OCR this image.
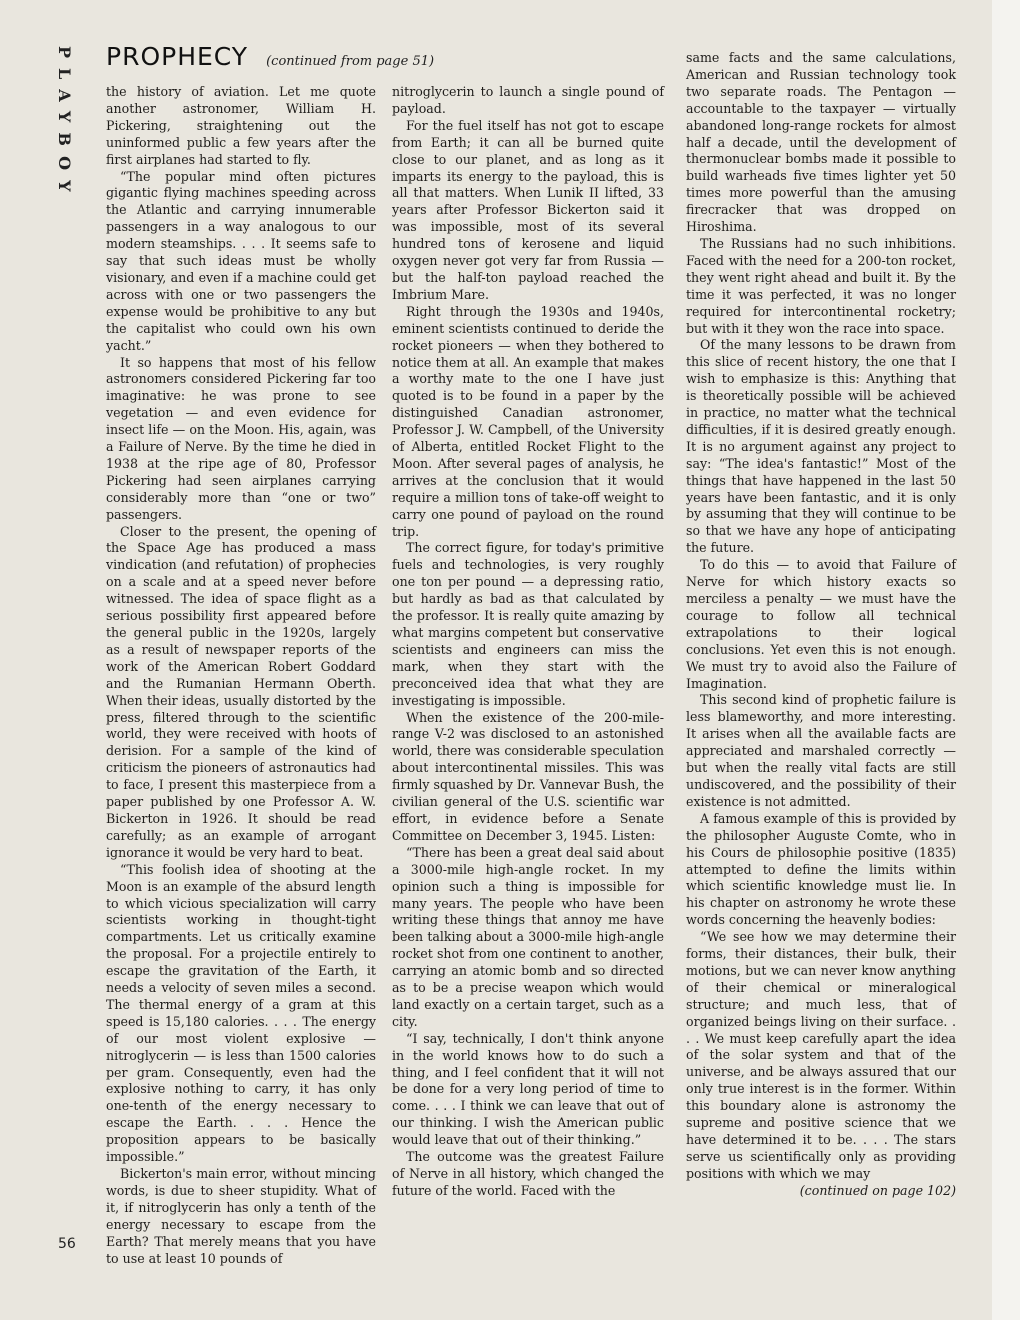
PLAYBOY PROPHECY (continued from page 51)

the history of aviation. Let me quote another astronomer, William H. Pickering, straightening out the uninformed public a few years after the first airplanes had started to fly.

“The popular mind often pictures gigantic flying machines speeding across the Atlantic and carrying innumerable passengers in a way analogous to our modern steamships. . . . It seems safe to say that such ideas must be wholly visionary, and even if a machine could get across with one or two passengers the expense would be prohibitive to any but the capitalist who could own his own yacht.”

It so happens that most of his fellow astronomers considered Pickering far too imaginative: he was prone to see vegetation — and even evidence for insect life — on the Moon. His, again, was a Failure of Nerve. By the time he died in 1938 at the ripe age of 80, Professor Pickering had seen airplanes carrying considerably more than “one or two” passengers.

Closer to the present, the opening of the Space Age has produced a mass vindication (and refutation) of prophecies on a scale and at a speed never before witnessed. The idea of space flight as a serious possibility first appeared before the general public in the 1920s, largely as a result of newspaper reports of the work of the American Robert Goddard and the Rumanian Hermann Oberth. When their ideas, usually distorted by the press, filtered through to the scientific world, they were received with hoots of derision. For a sample of the kind of criticism the pioneers of astronautics had to face, I present this masterpiece from a paper published by one Professor A. W. Bickerton in 1926. It should be read carefully; as an example of arrogant ignorance it would be very hard to beat.

“This foolish idea of shooting at the Moon is an example of the absurd length to which vicious specialization will carry scientists working in thought-tight compartments. Let us critically examine the proposal. For a projectile entirely to escape the gravitation of the Earth, it needs a velocity of seven miles a second. The thermal energy of a gram at this speed is 15,180 calories. . . . The energy of our most violent explosive — nitroglycerin — is less than 1500 calories per gram. Consequently, even had the explosive nothing to carry, it has only one-tenth of the energy necessary to escape the Earth. . . . Hence the proposition appears to be basically impossible.”

Bickerton's main error, without mincing words, is due to sheer stupidity. What of it, if nitroglycerin has only a tenth of the energy necessary to escape from the Earth? That merely means that you have to use at least 10 pounds of

nitroglycerin to launch a single pound of payload.

For the fuel itself has not got to escape from Earth; it can all be burned quite close to our planet, and as long as it imparts its energy to the payload, this is all that matters. When Lunik II lifted, 33 years after Professor Bickerton said it was impossible, most of its several hundred tons of kerosene and liquid oxygen never got very far from Russia — but the half-ton payload reached the Imbrium Mare.

Right through the 1930s and 1940s, eminent scientists continued to deride the rocket pioneers — when they bothered to notice them at all. An example that makes a worthy mate to the one I have just quoted is to be found in a paper by the distinguished Canadian astronomer, Professor J. W. Campbell, of the University of Alberta, entitled Rocket Flight to the Moon. After several pages of analysis, he arrives at the conclusion that it would require a million tons of take-off weight to carry one pound of payload on the round trip.

The correct figure, for today's primitive fuels and technologies, is very roughly one ton per pound — a depressing ratio, but hardly as bad as that calculated by the professor. It is really quite amazing by what margins competent but conservative scientists and engineers can miss the mark, when they start with the preconceived idea that what they are investigating is impossible.

When the existence of the 200-mile-range V-2 was disclosed to an astonished world, there was considerable speculation about intercontinental missiles. This was firmly squashed by Dr. Vannevar Bush, the civilian general of the U.S. scientific war effort, in evidence before a Senate Committee on December 3, 1945. Listen:

“There has been a great deal said about a 3000-mile high-angle rocket. In my opinion such a thing is impossible for many years. The people who have been writing these things that annoy me have been talking about a 3000-mile high-angle rocket shot from one continent to another, carrying an atomic bomb and so directed as to be a precise weapon which would land exactly on a certain target, such as a city.

“I say, technically, I don't think anyone in the world knows how to do such a thing, and I feel confident that it will not be done for a very long period of time to come. . . . I think we can leave that out of our thinking. I wish the American public would leave that out of their thinking.”

The outcome was the greatest Failure of Nerve in all history, which changed the future of the world. Faced with the

same facts and the same calculations, American and Russian technology took two separate roads. The Pentagon — accountable to the taxpayer — virtually abandoned long-range rockets for almost half a decade, until the development of thermonuclear bombs made it possible to build warheads five times lighter yet 50 times more powerful than the amusing firecracker that was dropped on Hiroshima.

The Russians had no such inhibitions. Faced with the need for a 200-ton rocket, they went right ahead and built it. By the time it was perfected, it was no longer required for intercontinental rocketry; but with it they won the race into space.

Of the many lessons to be drawn from this slice of recent history, the one that I wish to emphasize is this: Anything that is theoretically possible will be achieved in practice, no matter what the technical difficulties, if it is desired greatly enough. It is no argument against any project to say: “The idea's fantastic!” Most of the things that have happened in the last 50 years have been fantastic, and it is only by assuming that they will continue to be so that we have any hope of anticipating the future.

To do this — to avoid that Failure of Nerve for which history exacts so merciless a penalty — we must have the courage to follow all technical extrapolations to their logical conclusions. Yet even this is not enough. We must try to avoid also the Failure of Imagination.

This second kind of prophetic failure is less blameworthy, and more interesting. It arises when all the available facts are appreciated and marshaled correctly — but when the really vital facts are still undiscovered, and the possibility of their existence is not admitted.

A famous example of this is provided by the philosopher Auguste Comte, who in his Cours de philosophie positive (1835) attempted to define the limits within which scientific knowledge must lie. In his chapter on astronomy he wrote these words concerning the heavenly bodies:

“We see how we may determine their forms, their distances, their bulk, their motions, but we can never know anything of their chemical or mineralogical structure; and much less, that of organized beings living on their surface. . . . We must keep carefully apart the idea of the solar system and that of the universe, and be always assured that our only true interest is in the former. Within this boundary alone is astronomy the supreme and positive science that we have determined it to be. . . . The stars serve us scientifically only as providing positions with which we may

(continued on page 102)

56
